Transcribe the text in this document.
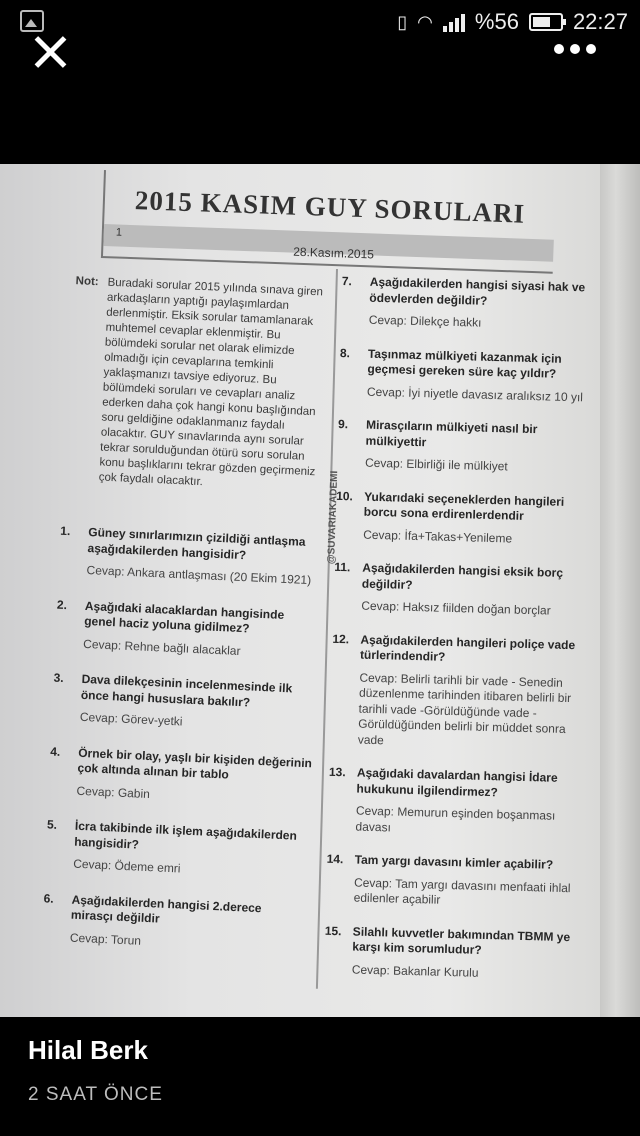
▯ ◠ %56 22:27
2015 KASIM GUY SORULARI
1
28.Kasım.2015
@SUVARIAKADEMI
Not: Buradaki sorular 2015 yılında sınava giren arkadaşların yaptığı paylaşımlardan derlenmiştir. Eksik sorular tamamlanarak muhtemel cevaplar eklenmiştir. Bu bölümdeki sorular net olarak elimizde olmadığı için cevaplarına temkinli yaklaşmanızı tavsiye ediyoruz. Bu bölümdeki soruları ve cevapları analiz ederken daha çok hangi konu başlığından soru geldiğine odaklanmanız faydalı olacaktır. GUY sınavlarında aynı sorular tekrar sorulduğundan ötürü soru sorulan konu başlıklarını tekrar gözden geçirmeniz çok faydalı olacaktır.
1.	Güney sınırlarımızın çizildiği antlaşma aşağıdakilerden hangisidir?
Cevap: Ankara antlaşması (20 Ekim 1921)
2.	Aşağıdaki alacaklardan hangisinde genel haciz yoluna gidilmez?
Cevap: Rehne bağlı alacaklar
3.	Dava dilekçesinin incelenmesinde ilk önce hangi hususlara bakılır?
Cevap: Görev-yetki
4.	Örnek bir olay, yaşlı bir kişiden değerinin çok altında alınan bir tablo
Cevap: Gabin
5.	İcra takibinde ilk işlem aşağıdakilerden hangisidir?
Cevap: Ödeme emri
6.	Aşağıdakilerden hangisi 2.derece mirasçı değildir
Cevap: Torun
7.	Aşağıdakilerden hangisi siyasi hak ve ödevlerden değildir?
Cevap: Dilekçe hakkı
8.	Taşınmaz mülkiyeti kazanmak için geçmesi gereken süre kaç yıldır?
Cevap: İyi niyetle davasız aralıksız 10 yıl
9.	Mirasçıların mülkiyeti nasıl bir mülkiyettir
Cevap: Elbirliği ile mülkiyet
10. Yukarıdaki seçeneklerden hangileri borcu sona erdirenlerdendir
Cevap: İfa+Takas+Yenileme
11. Aşağıdakilerden hangisi eksik borç değildir?
Cevap: Haksız fiilden doğan borçlar
12. Aşağıdakilerden hangileri poliçe vade türlerindendir?
Cevap: Belirli tarihli bir vade - Senedin düzenlenme tarihinden itibaren belirli bir tarihli vade -Görüldüğünde vade -Görüldüğünden belirli bir müddet sonra vade
13. Aşağıdaki davalardan hangisi İdare hukukunu ilgilendirmez?
Cevap: Memurun eşinden boşanması davası
14. Tam yargı davasını kimler açabilir?
Cevap: Tam yargı davasını menfaati ihlal edilenler açabilir
15. Silahlı kuvvetler bakımından TBMM ye karşı kim sorumludur?
Cevap: Bakanlar Kurulu
Hilal Berk
2 SAAT ÖNCE
